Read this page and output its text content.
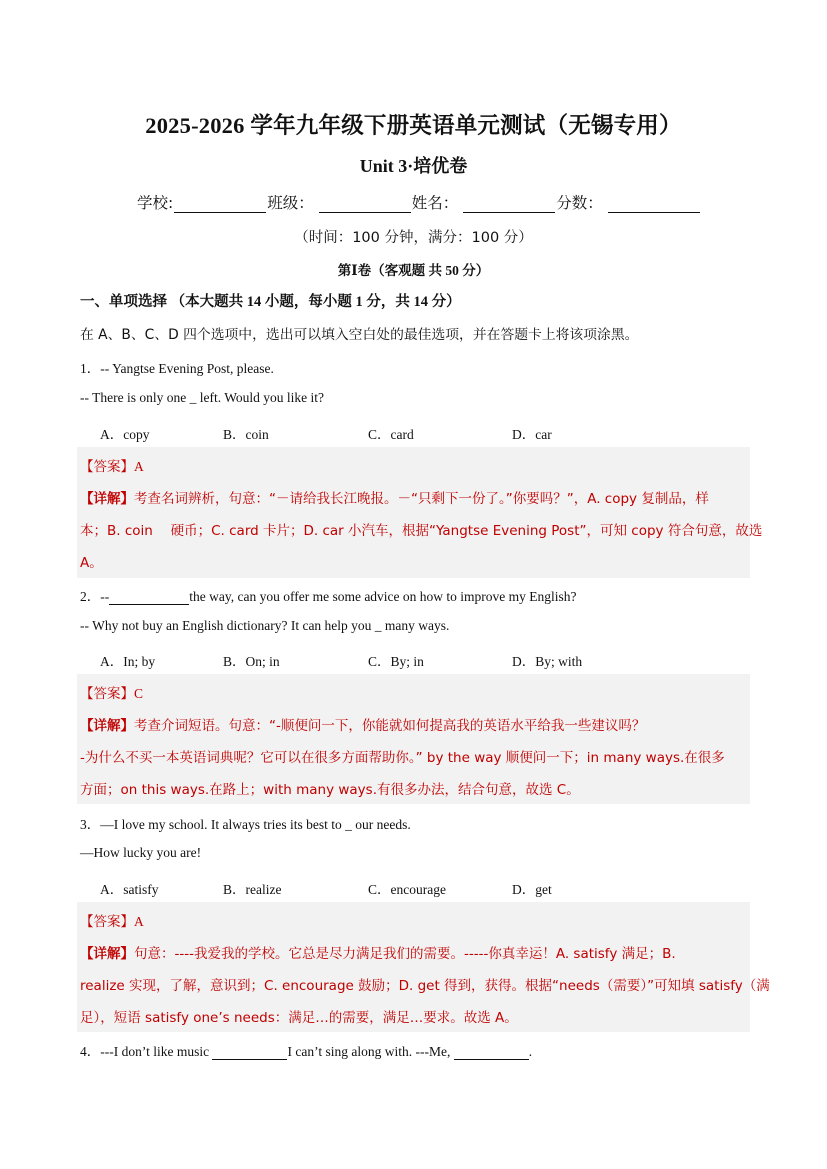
2025-2026 学年九年级下册英语单元测试（无锡专用）
Unit 3·培优卷
学校:	班级：	姓名：	分数：
（时间：100 分钟，满分：100 分）
第Ⅰ卷（客观题 共 50 分）
一、单项选择 （本大题共 14 小题，每小题 1 分，共 14 分）
在 A、B、C、D 四个选项中，选出可以填入空白处的最佳选项，并在答题卡上将该项涂黑。
1．-- Yangtse Evening Post, please.
-- There is only one _ left. Would you like it?
A．copy	B．coin	C．card	D．car
【答案】A
【详解】考查名词辨析，句意：“－请给我长江晚报。－“只剩下一份了。”你要吗？”，A. copy 复制品，样
本；B. coin　 硬币；C. card 卡片；D. car 小汽车，根据“Yangtse Evening Post”，可知 copy 符合句意，故选
A。
2．--	the way, can you offer me some advice on how to improve my English?
-- Why not buy an English dictionary? It can help you _ many ways.
A．In; by	B．On; in	C．By; in	D．By; with
【答案】C
【详解】考查介词短语。句意：“-顺便问一下，你能就如何提高我的英语水平给我一些建议吗？
-为什么不买一本英语词典呢？它可以在很多方面帮助你。” by the way 顺便问一下；in many ways.在很多
方面；on this ways.在路上；with many ways.有很多办法，结合句意，故选 C。
3．—I love my school. It always tries its best to _ our needs.
—How lucky you are!
A．satisfy	B．realize	C．encourage	D．get
【答案】A
【详解】句意：----我爱我的学校。它总是尽力满足我们的需要。-----你真幸运！A. satisfy 满足；B.
realize 实现，了解，意识到；C. encourage 鼓励；D. get 得到，获得。根据“needs（需要）”可知填 satisfy（满
足），短语 satisfy one’s needs：满足…的需要，满足…要求。故选 A。
4．---I don’t like music	I can’t sing along with. ---Me,	.
